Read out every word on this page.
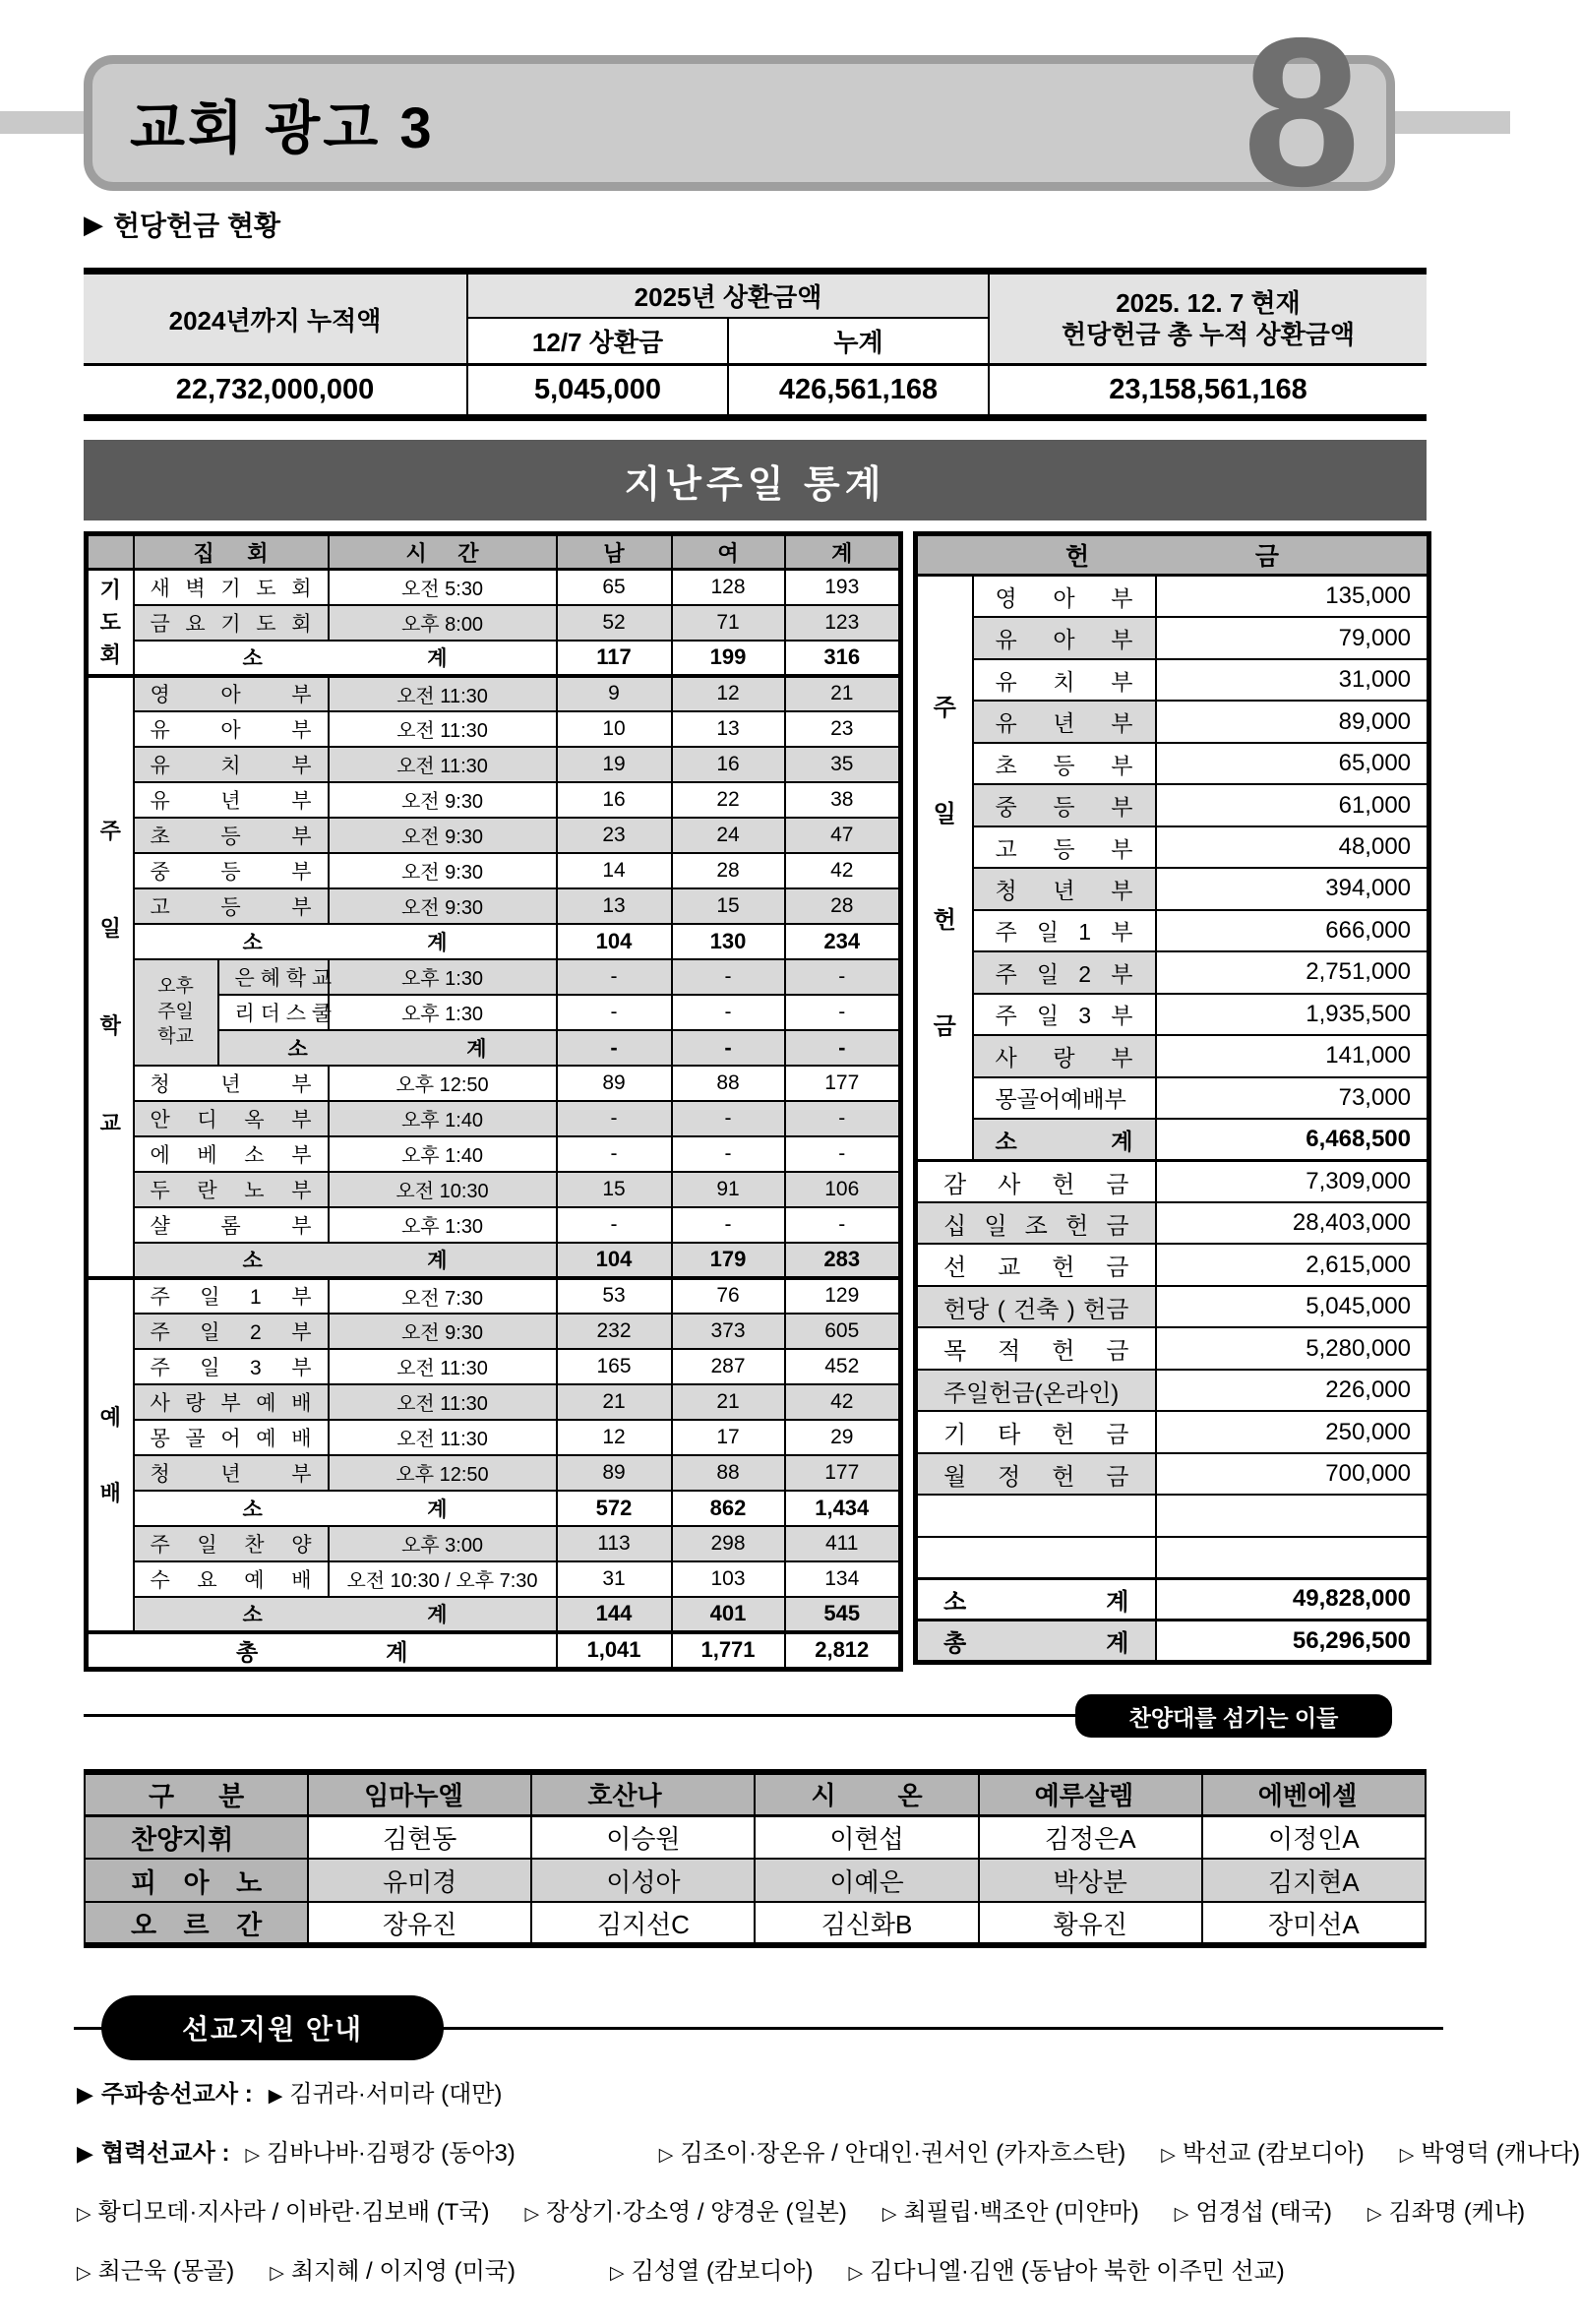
교회 광고 3	8
▶ 헌당헌금 현황
2024년까지 누적액	2025년 상환금액		2025. 12. 7 현재
헌당헌금 총 누적 상환금액

	12/7 상환금	누계	
22,732,000,000	5,045,000	426,561,168	23,158,561,168
지난주일 통계
	집 회		시 간	남	여	계
기
도
회	새 벽 기 도 회		오전 5:30	65	128	193
	금 요 기 도 회		오후 8:00	52	71	123
	소 계			117	199	316
주
일
학
교	영 아 부		오전 11:30	9	12	21
	유 아 부		오전 11:30	10	13	23
	유 치 부		오전 11:30	19	16	35
	유 년 부		오전 9:30	16	22	38
	초 등 부		오전 9:30	23	24	47
	중 등 부		오전 9:30	14	28	42
	고 등 부		오전 9:30	13	15	28
	소 계			104	130	234
	오후
주일
학교	은 혜 학 교	오후 1:30	-	-	-
		리 더 스 쿨	오후 1:30	-	-	-
		소 계		-	-	-
	청 년 부		오후 12:50	89	88	177
	안 디 옥 부		오후 1:40	-	-	-
	에 베 소 부		오후 1:40	-	-	-
	두 란 노 부		오전 10:30	15	91	106
	샬 롬 부		오후 1:30	-	-	-
	소 계			104	179	283
예
배	주 일 1 부		오전 7:30	53	76	129
	주 일 2 부		오전 9:30	232	373	605
	주 일 3 부		오전 11:30	165	287	452
	사 랑 부 예 배		오전 11:30	21	21	42
	몽 골 어 예 배		오전 11:30	12	17	29
	청 년 부		오후 12:50	89	88	177
	소 계			572	862	1,434
	주 일 찬 양		오후 3:00	113	298	411
	수 요 예 배		오전 10:30 / 오후 7:30	31	103	134
	소 계			144	401	545
총 계				1,041	1,771	2,812
헌 금		
주
일
헌
금	영 아 부	135,000
	유 아 부	79,000
	유 치 부	31,000
	유 년 부	89,000
	초 등 부	65,000
	중 등 부	61,000
	고 등 부	48,000
	청 년 부	394,000
	주 일 1 부	666,000
	주 일 2 부	2,751,000
	주 일 3 부	1,935,500
	사 랑 부	141,000
	몽골어예배부	73,000
	소 계	6,468,500
감 사 헌 금		7,309,000
십 일 조 헌 금		28,403,000
선 교 헌 금		2,615,000
헌당 ( 건축 ) 헌금		5,045,000
목 적 헌 금		5,280,000
주일헌금(온라인)		226,000
기 타 헌 금		250,000
월 정 헌 금		700,000

소 계		49,828,000
총 계		56,296,500
찬양대를 섬기는 이들
구 분	임마누엘	호산나	시 온	예루살렘	에벤에셀
찬양지휘	김현동	이승원	이현섭	김정은A	이정인A
피 아 노	유미경	이성아	이예은	박상분	김지현A
오 르 간	장유진	김지선C	김신화B	황유진	장미선A
선교지원 안내
▶ 주파송선교사 : ▶ 김귀라·서미라 (대만)
▶ 협력선교사 : ▷ 김바나바·김평강 (동아3)	▷ 김조이·장온유 / 안대인·권서인 (카자흐스탄) ▷ 박선교 (캄보디아) ▷ 박영덕 (캐나다)
▷ 황디모데·지사라 / 이바란·김보배 (T국) ▷ 장상기·강소영 / 양경운 (일본) ▷ 최필립·백조안 (미얀마) ▷ 엄경섭 (태국) ▷ 김좌명 (케냐)
▷ 최근욱 (몽골) ▷ 최지혜 / 이지영 (미국)	▷ 김성열 (캄보디아) ▷ 김다니엘·김앤 (동남아 북한 이주민 선교)
